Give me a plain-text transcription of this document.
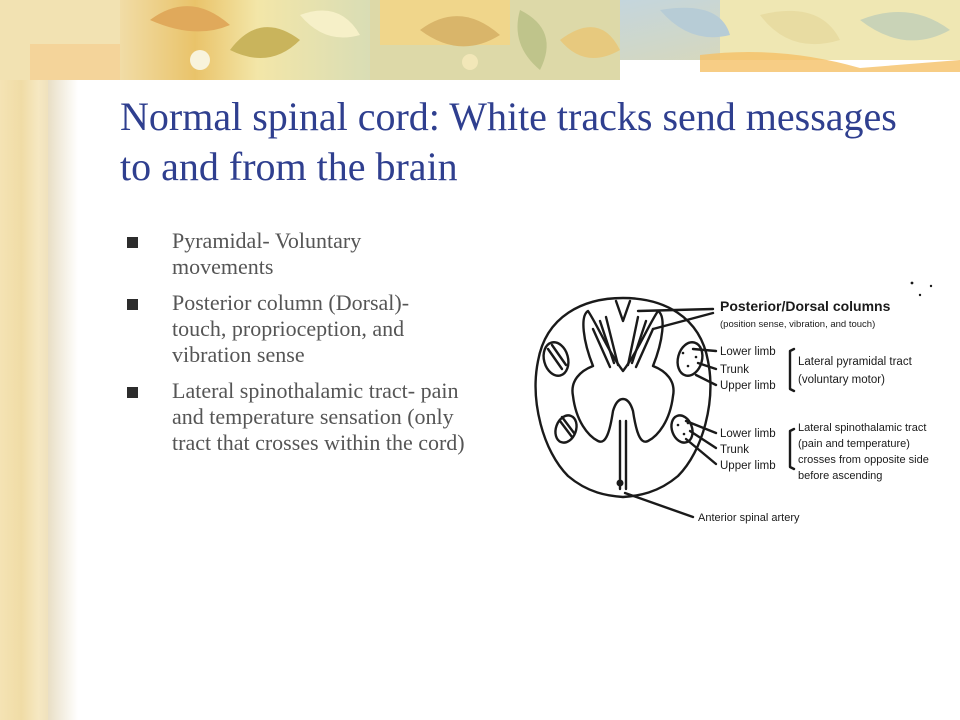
Normal spinal cord: White tracks send messages to and from the brain
Pyramidal- Voluntary movements
Posterior column (Dorsal)- touch, proprioception, and vibration sense
Lateral spinothalamic tract- pain and temperature sensation (only tract that crosses within the cord)
Posterior/Dorsal columns
(position sense, vibration, and touch)
Lower limb
Trunk
Upper limb
Lateral pyramidal tract
(voluntary motor)
Lower limb
Trunk
Upper limb
Lateral spinothalamic tract
(pain and temperature)
crosses from opposite side
before ascending
Anterior spinal artery
